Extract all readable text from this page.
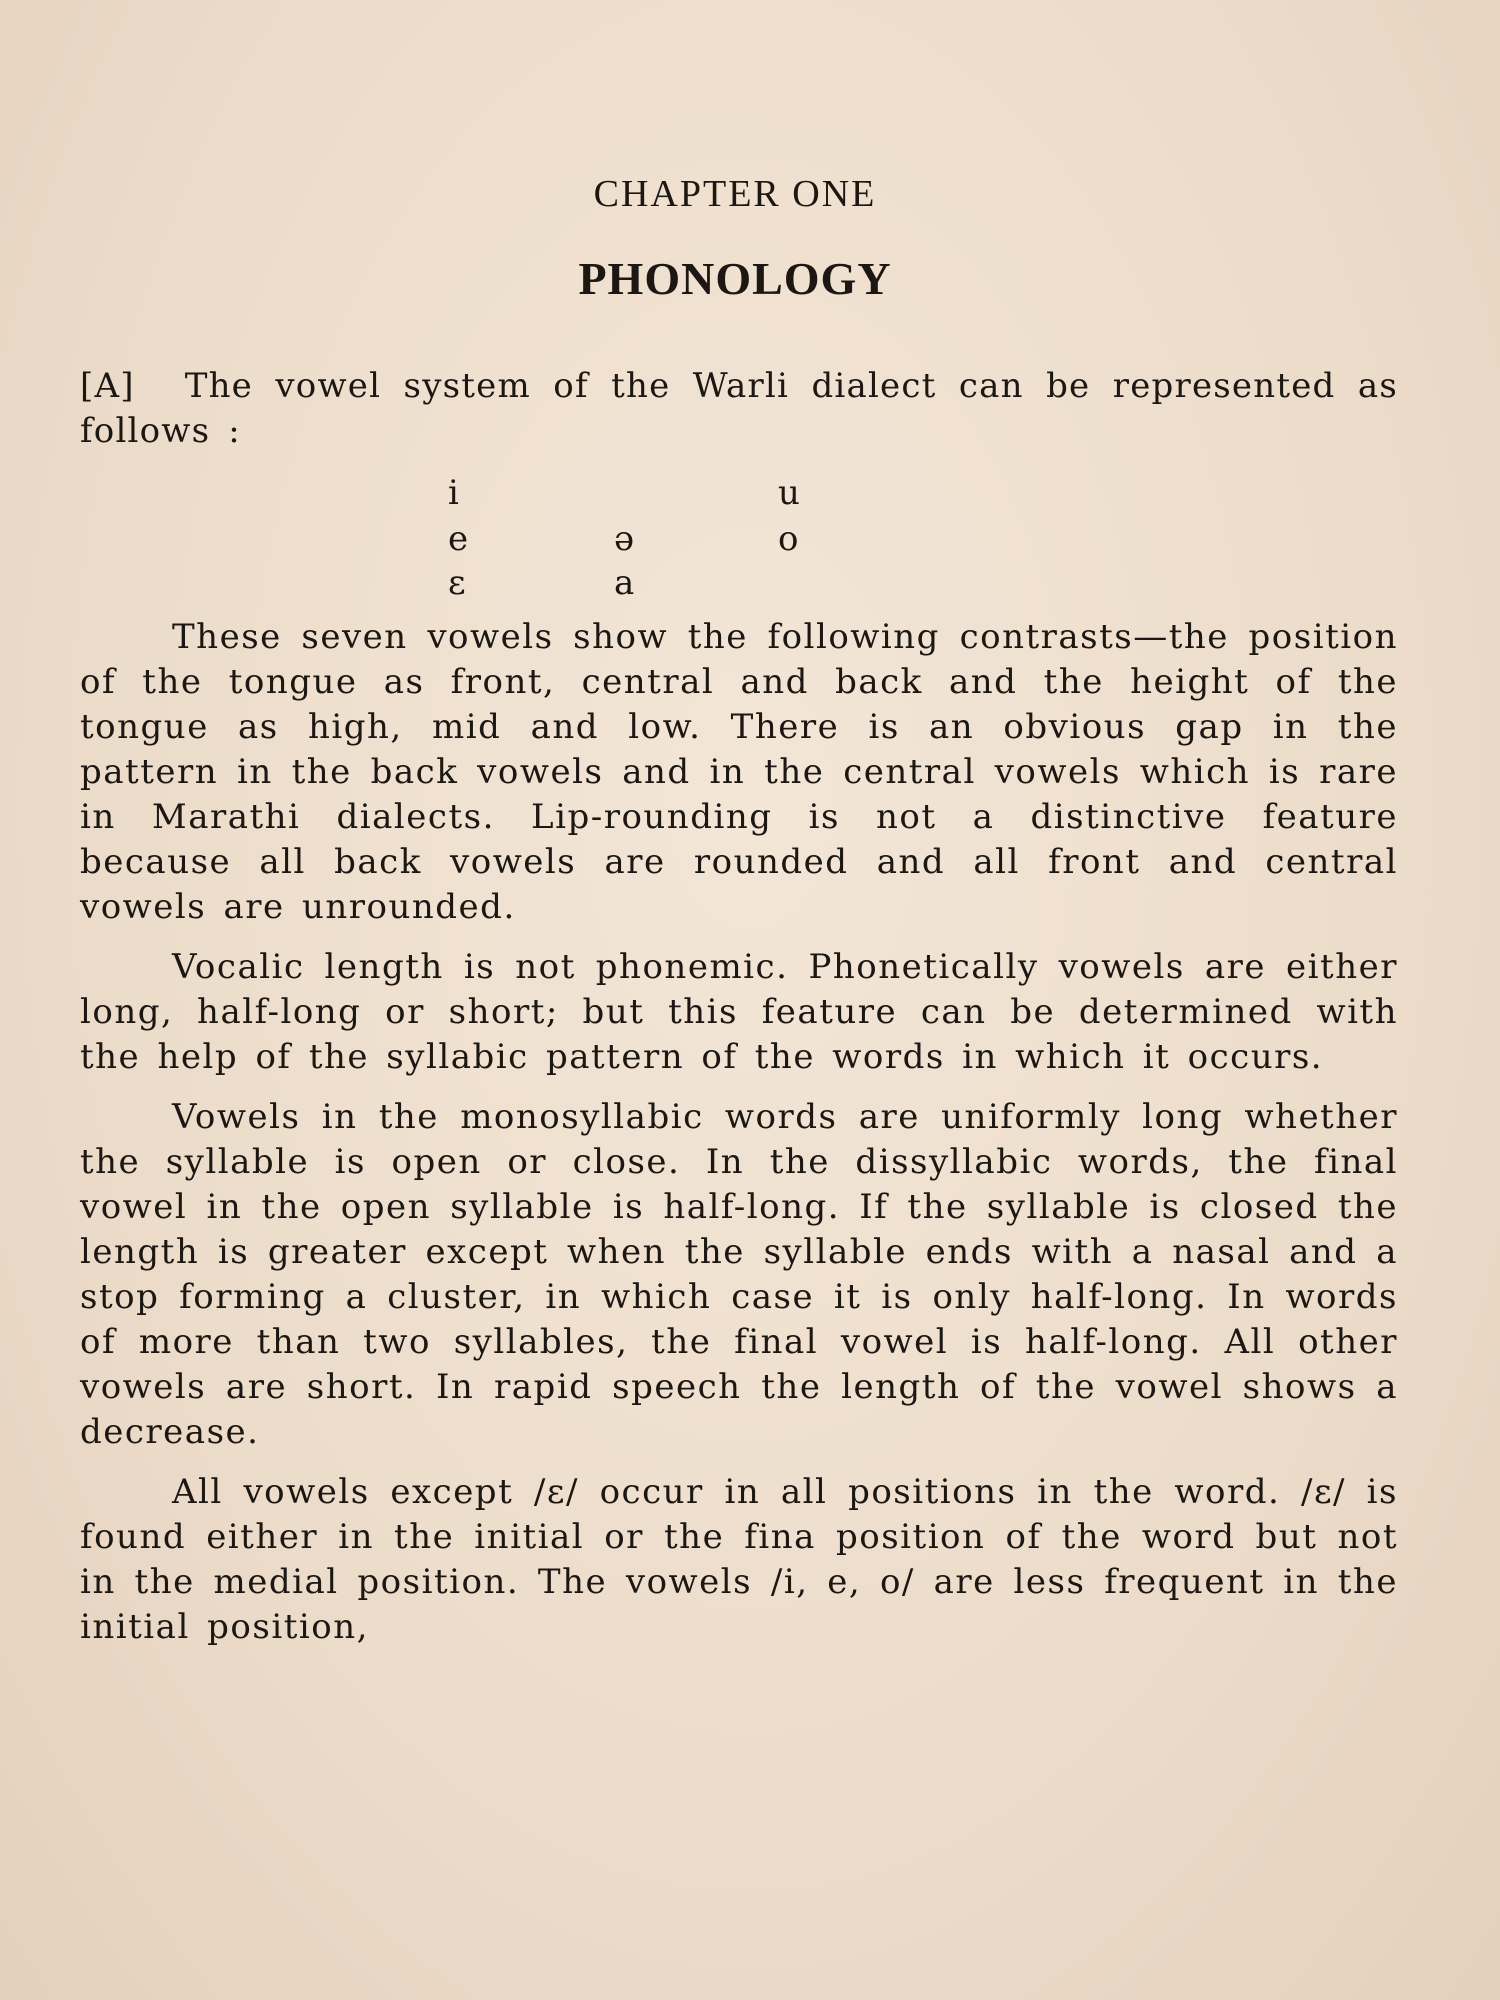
CHAPTER ONE
PHONOLOGY
[A] The vowel system of the Warli dialect can be represented as follows :
i
e
ɛ
ə
a
u
o

These seven vowels show the following contrasts—the position of the tongue as front, central and back and the height of the tongue as high, mid and low. There is an obvious gap in the pattern in the back vowels and in the central vowels which is rare in Marathi dialects. Lip-rounding is not a distinctive feature because all back vowels are rounded and all front and central vowels are unrounded.

Vocalic length is not phonemic. Phonetically vowels are either long, half-long or short; but this feature can be determined with the help of the syllabic pattern of the words in which it occurs.

Vowels in the monosyllabic words are uniformly long whether the syllable is open or close. In the dissyllabic words, the final vowel in the open syllable is half-long. If the syllable is closed the length is greater except when the syllable ends with a nasal and a stop forming a cluster, in which case it is only half-long. In words of more than two syllables, the final vowel is half-long. All other vowels are short. In rapid speech the length of the vowel shows a decrease.

All vowels except /ɛ/ occur in all positions in the word. /ɛ/ is found either in the initial or the fina position of the word but not in the medial position. The vowels /i, e, o/ are less frequent in the initial position,
